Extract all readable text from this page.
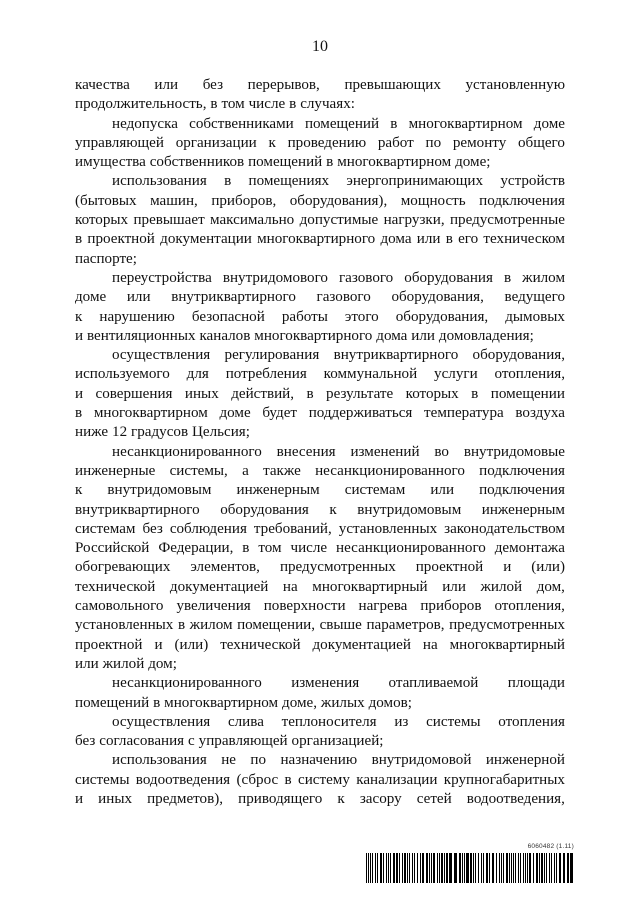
10
качества или без перерывов, превышающих установленную
продолжительность, в том числе в случаях:
недопуска собственниками помещений в многоквартирном доме
управляющей организации к проведению работ по ремонту общего
имущества собственников помещений в многоквартирном доме;
использования в помещениях энергопринимающих устройств
(бытовых машин, приборов, оборудования), мощность подключения
которых превышает максимально допустимые нагрузки, предусмотренные
в проектной документации многоквартирного дома или в его техническом
паспорте;
переустройства внутридомового газового оборудования в жилом
доме или внутриквартирного газового оборудования, ведущего
к нарушению безопасной работы этого оборудования, дымовых
и вентиляционных каналов многоквартирного дома или домовладения;
осуществления регулирования внутриквартирного оборудования,
используемого для потребления коммунальной услуги отопления,
и совершения иных действий, в результате которых в помещении
в многоквартирном доме будет поддерживаться температура воздуха
ниже 12 градусов Цельсия;
несанкционированного внесения изменений во внутридомовые
инженерные системы, а также несанкционированного подключения
к внутридомовым инженерным системам или подключения
внутриквартирного оборудования к внутридомовым инженерным
системам без соблюдения требований, установленных законодательством
Российской Федерации, в том числе несанкционированного демонтажа
обогревающих элементов, предусмотренных проектной и (или)
технической документацией на многоквартирный или жилой дом,
самовольного увеличения поверхности нагрева приборов отопления,
установленных в жилом помещении, свыше параметров, предусмотренных
проектной и (или) технической документацией на многоквартирный
или жилой дом;
несанкционированного изменения отапливаемой площади
помещений в многоквартирном доме, жилых домов;
осуществления слива теплоносителя из системы отопления
без согласования с управляющей организацией;
использования не по назначению внутридомовой инженерной
системы водоотведения (сброс в систему канализации крупногабаритных
и иных предметов), приводящего к засору сетей водоотведения,
6060482 (1.11)
